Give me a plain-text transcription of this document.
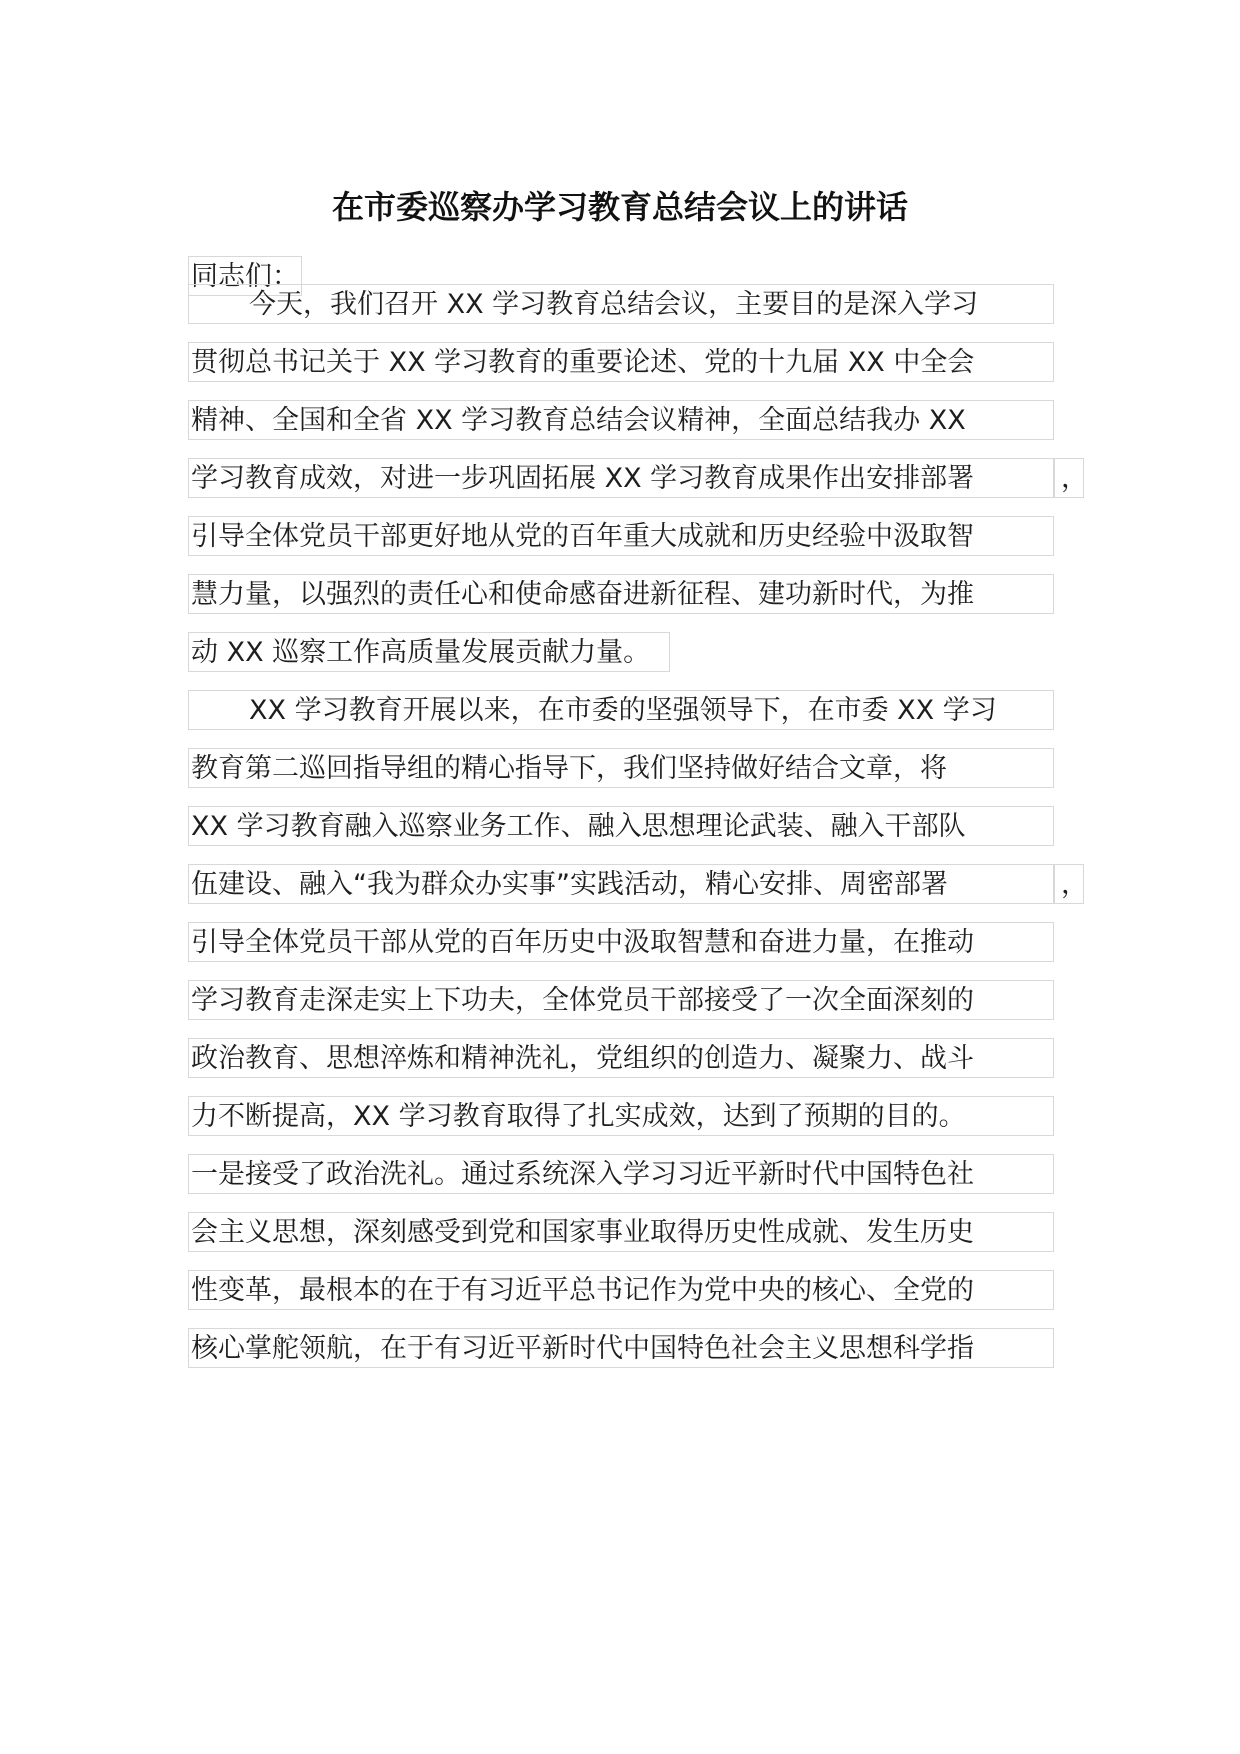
在市委巡察办学习教育总结会议上的讲话
同志们：
今天，我们召开 XX 学习教育总结会议，主要目的是深入学习
贯彻总书记关于 XX 学习教育的重要论述、党的十九届 XX 中全会
精神、全国和全省 XX 学习教育总结会议精神，全面总结我办 XX
学习教育成效，对进一步巩固拓展 XX 学习教育成果作出安排部署	，
引导全体党员干部更好地从党的百年重大成就和历史经验中汲取智
慧力量，以强烈的责任心和使命感奋进新征程、建功新时代，为推
动 XX 巡察工作高质量发展贡献力量。
XX 学习教育开展以来，在市委的坚强领导下，在市委 XX 学习
教育第二巡回指导组的精心指导下，我们坚持做好结合文章，将
XX 学习教育融入巡察业务工作、融入思想理论武装、融入干部队
伍建设、融入“我为群众办实事”实践活动，精心安排、周密部署	，
引导全体党员干部从党的百年历史中汲取智慧和奋进力量，在推动
学习教育走深走实上下功夫，全体党员干部接受了一次全面深刻的
政治教育、思想淬炼和精神洗礼，党组织的创造力、凝聚力、战斗
力不断提高，XX 学习教育取得了扎实成效，达到了预期的目的。
一是接受了政治洗礼。通过系统深入学习习近平新时代中国特色社
会主义思想，深刻感受到党和国家事业取得历史性成就、发生历史
性变革，最根本的在于有习近平总书记作为党中央的核心、全党的
核心掌舵领航，在于有习近平新时代中国特色社会主义思想科学指
